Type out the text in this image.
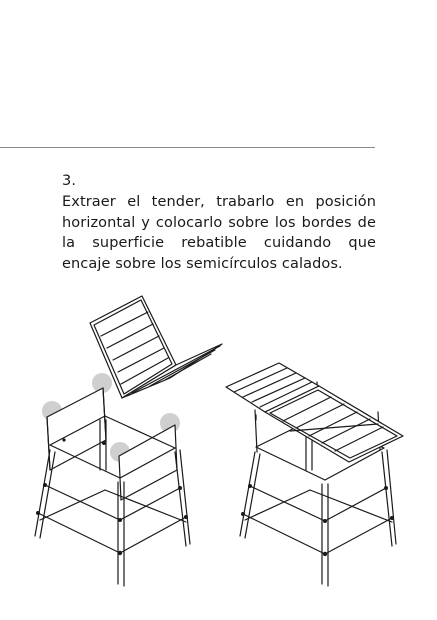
3.
Extraer el tender, trabarlo en posición horizontal y colocarlo sobre los bordes de la superficie rebatible cuidando que encaje sobre los semicírculos calados.
